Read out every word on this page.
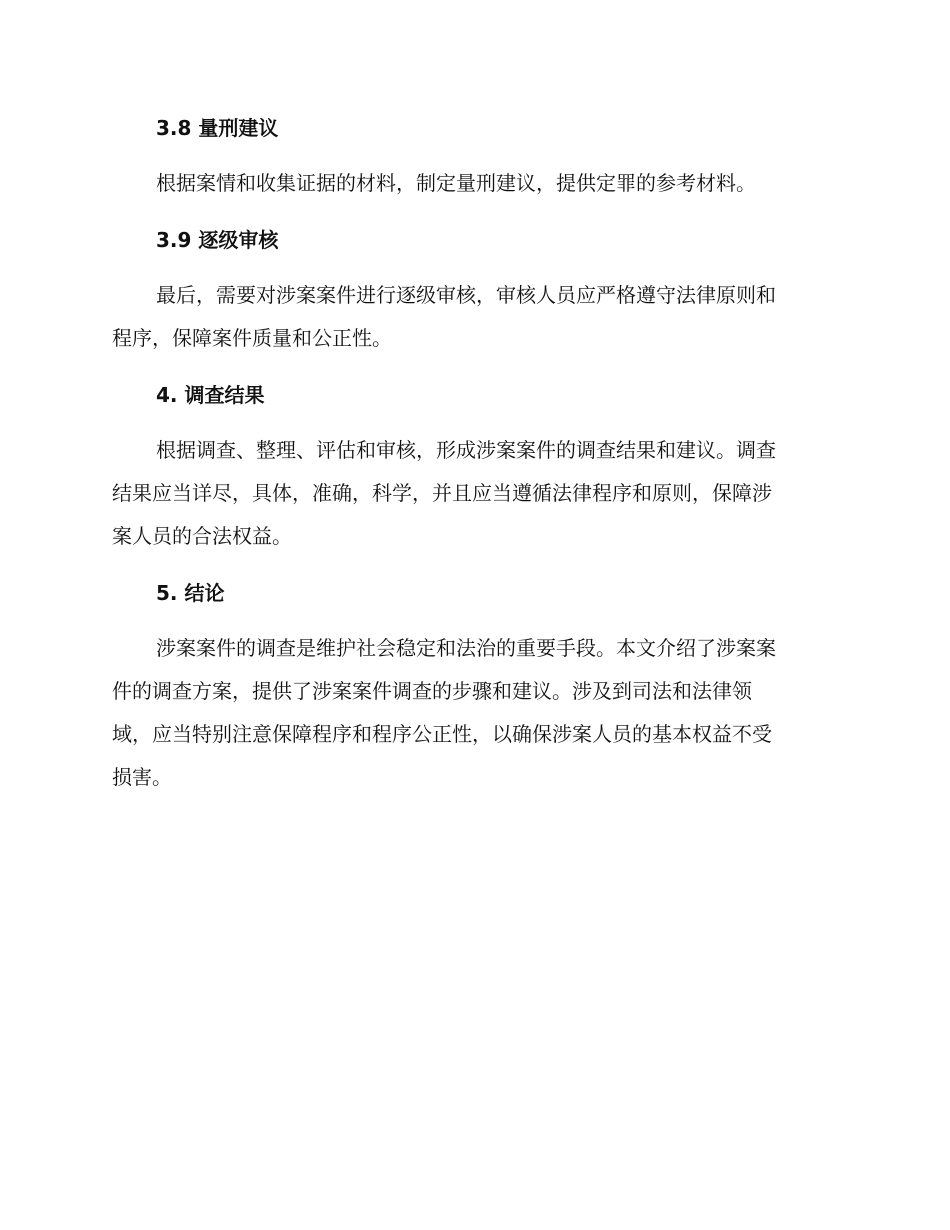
3.8 量刑建议
根据案情和收集证据的材料，制定量刑建议，提供定罪的参考材料。
3.9 逐级审核
最后，需要对涉案案件进行逐级审核，审核人员应严格遵守法律原则和
程序，保障案件质量和公正性。
4. 调查结果
根据调查、整理、评估和审核，形成涉案案件的调查结果和建议。调查
结果应当详尽，具体，准确，科学，并且应当遵循法律程序和原则，保障涉
案人员的合法权益。
5. 结论
涉案案件的调查是维护社会稳定和法治的重要手段。本文介绍了涉案案
件的调查方案，提供了涉案案件调查的步骤和建议。涉及到司法和法律领
域，应当特别注意保障程序和程序公正性，以确保涉案人员的基本权益不受
损害。
